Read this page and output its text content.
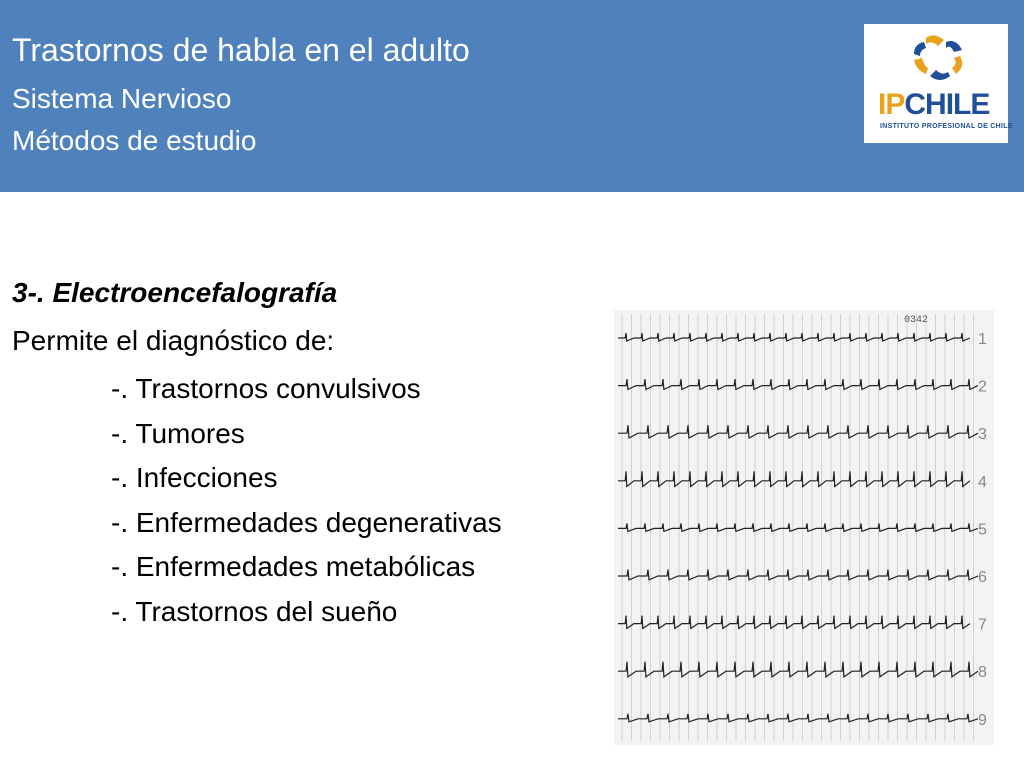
Trastornos de habla en el adulto
Sistema Nervioso
Métodos de estudio
IPCHILE
INSTITUTO PROFESIONAL DE CHILE
3-. Electroencefalografía
Permite el diagnóstico de:
-. Trastornos convulsivos
-. Tumores
-. Infecciones
-. Enfermedades degenerativas
-. Enfermedades metabólicas
-. Trastornos del sueño
1
2
3
4
5
6
7
8
9
0342
